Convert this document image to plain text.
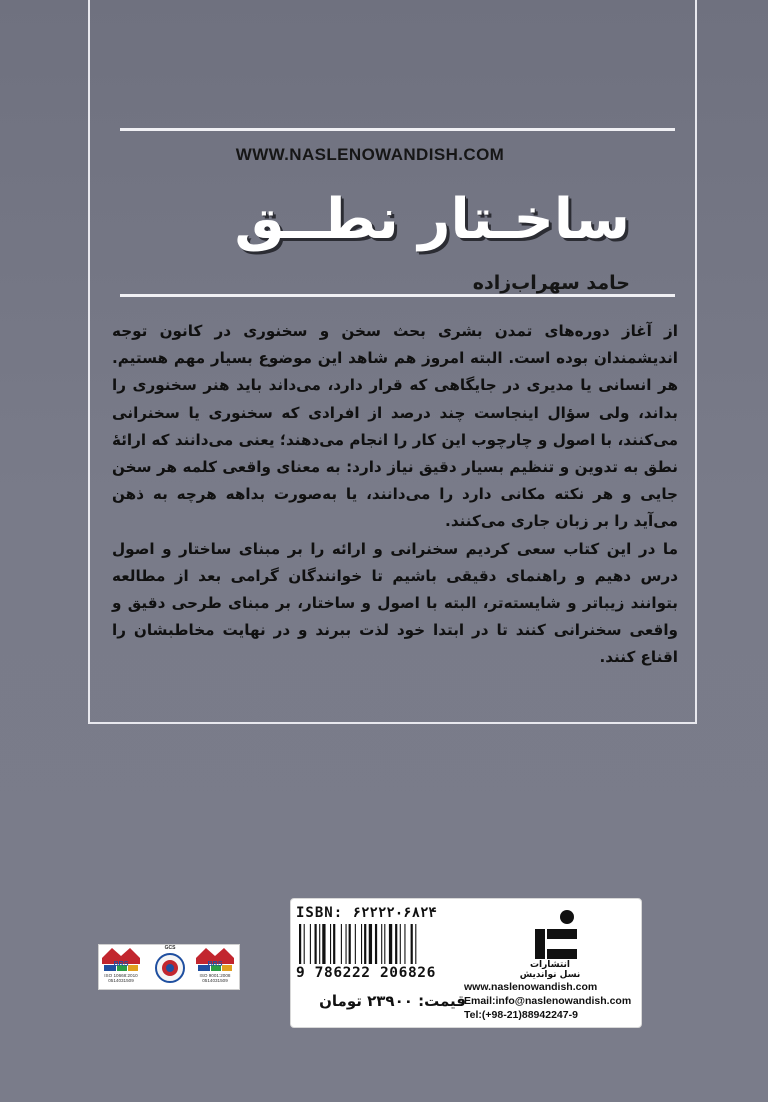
WWW.NASLENOWANDISH.COM
ساخـتار نطــق
حامد سهراب‌زاده

از آغاز دوره‌های تمدن بشری بحث سخن و سخنوری در کانون توجه اندیشمندان بوده است. البته امروز هم شاهد این موضوع بسیار مهم هستیم. هر انسانی یا مدیری در جایگاهی که قرار دارد، می‌داند باید هنر سخنوری را بداند، ولی سؤال اینجاست چند درصد از افرادی که سخنوری یا سخنرانی می‌کنند، با اصول و چارچوب این کار را انجام می‌دهند؛ یعنی می‌دانند که ارائهٔ نطق به تدوین و تنظیم بسیار دقیق نیاز دارد: به معنای واقعی کلمه هر سخن جایی و هر نکته مکانی دارد را می‌دانند، یا به‌صورت بداهه هرچه به ذهن می‌آید را بر زبان جاری می‌کنند.

ما در این کتاب سعی کردیم سخنرانی و ارائه را بر مبنای ساختار و اصول درس دهیم و راهنمای دقیقی باشیم تا خوانندگان گرامی بعد از مطالعه بتوانند زیباتر و شایسته‌تر، البته با اصول و ساختار، بر مبنای طرحی دقیق و واقعی سخنرانی کنند تا در ابتدا خود لذت ببرند و در نهایت مخاطبشان را اقناع کنند.

ISBN: ۶۲۲۲۲۰۶۸۲۴
9 786222 206826
قیمت: ۲۳۹۰۰ تومان
انتشارات
نسل نواندیش
www.naslenowandish.com
Email:info@naslenowandish.com
Tel:(+98-21)88942247-9
ISO 10668:2010 0514031509
BRS
GCS
ISO 9001:2008 0514031509
BRS
